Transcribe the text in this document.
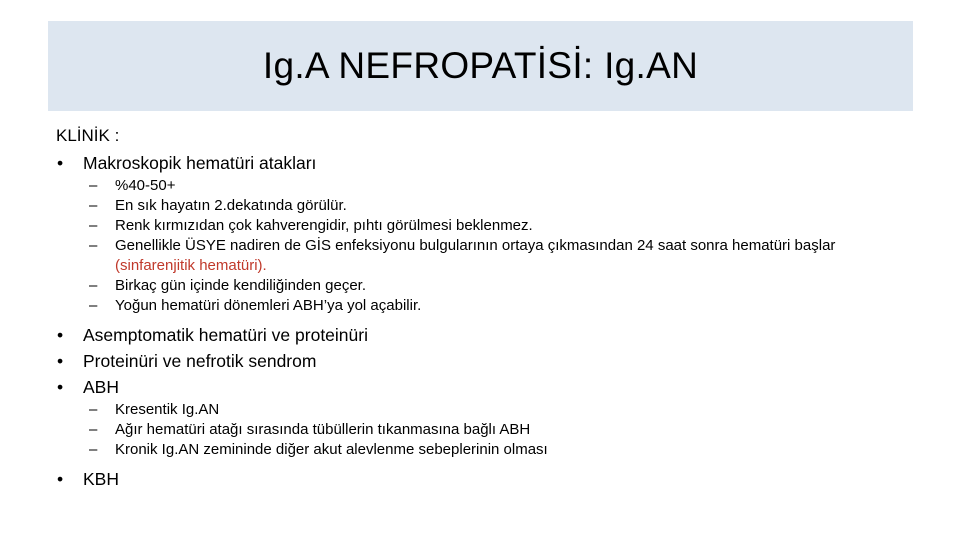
Ig.A NEFROPATİSİ: Ig.AN
KLİNİK :
• Makroskopik hematüri atakları
– %40-50+
– En sık hayatın 2.dekatında görülür.
– Renk kırmızıdan çok kahverengidir, pıhtı görülmesi beklenmez.
– Genellikle ÜSYE nadiren de GİS enfeksiyonu bulgularının ortaya çıkmasından 24 saat sonra hematüri başlar (sinfarenjitik hematüri).
– Birkaç gün içinde kendiliğinden geçer.
– Yoğun hematüri dönemleri ABH’ya yol açabilir.
• Asemptomatik hematüri ve proteinüri
• Proteinüri ve nefrotik sendrom
• ABH
– Kresentik Ig.AN
– Ağır hematüri atağı sırasında tübüllerin tıkanmasına bağlı ABH
– Kronik Ig.AN zemininde diğer akut alevlenme sebeplerinin olması
• KBH
